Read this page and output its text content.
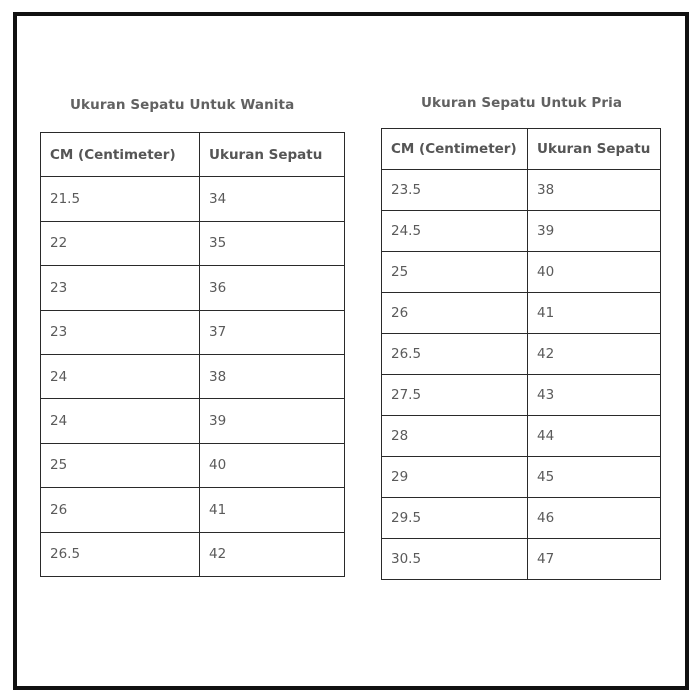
Ukuran Sepatu Untuk Wanita	Ukuran Sepatu Untuk Pria
CM (Centimeter)	Ukuran Sepatu
21.5	34
22	35
23	36
23	37
24	38
24	39
25	40
26	41
26.5	42
CM (Centimeter)	Ukuran Sepatu
23.5	38
24.5	39
25	40
26	41
26.5	42
27.5	43
28	44
29	45
29.5	46
30.5	47
